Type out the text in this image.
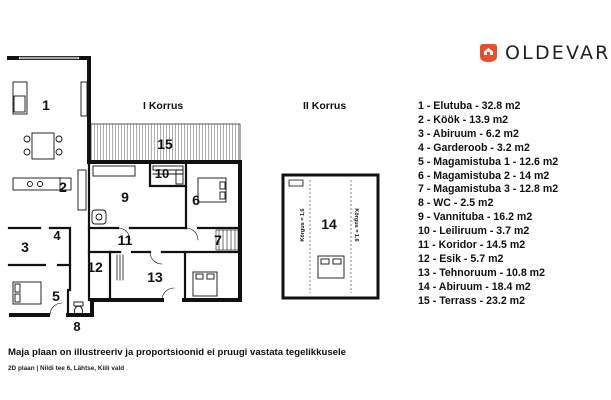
1
2
3
4
5
6
7
8
9
10
11
12
13
14
15
Kõrgus = 1,6	Kõrgus = 1,6
OLDEVAR
I Korrus	II Korrus	1 - Elutuba - 32.8 m2
2 - Köök - 13.9 m2
3 - Abiruum - 6.2 m2
4 - Garderoob - 3.2 m2
5 - Magamistuba 1 - 12.6 m2
6 - Magamistuba 2 - 14 m2
7 - Magamistuba 3 - 12.8 m2
8 - WC - 2.5 m2
9 - Vannituba - 16.2 m2
10 - Leiliruum - 3.7 m2
11 - Koridor - 14.5 m2
12 - Esik - 5.7 m2
13 - Tehnoruum - 10.8 m2
14 - Abiruum - 18.4 m2
15 - Terrass - 23.2 m2
Maja plaan on illustreeriv ja proportsioonid ei pruugi vastata tegelikkusele
2D plaan | Nildi tee 6, Lähtse, Kiili vald
